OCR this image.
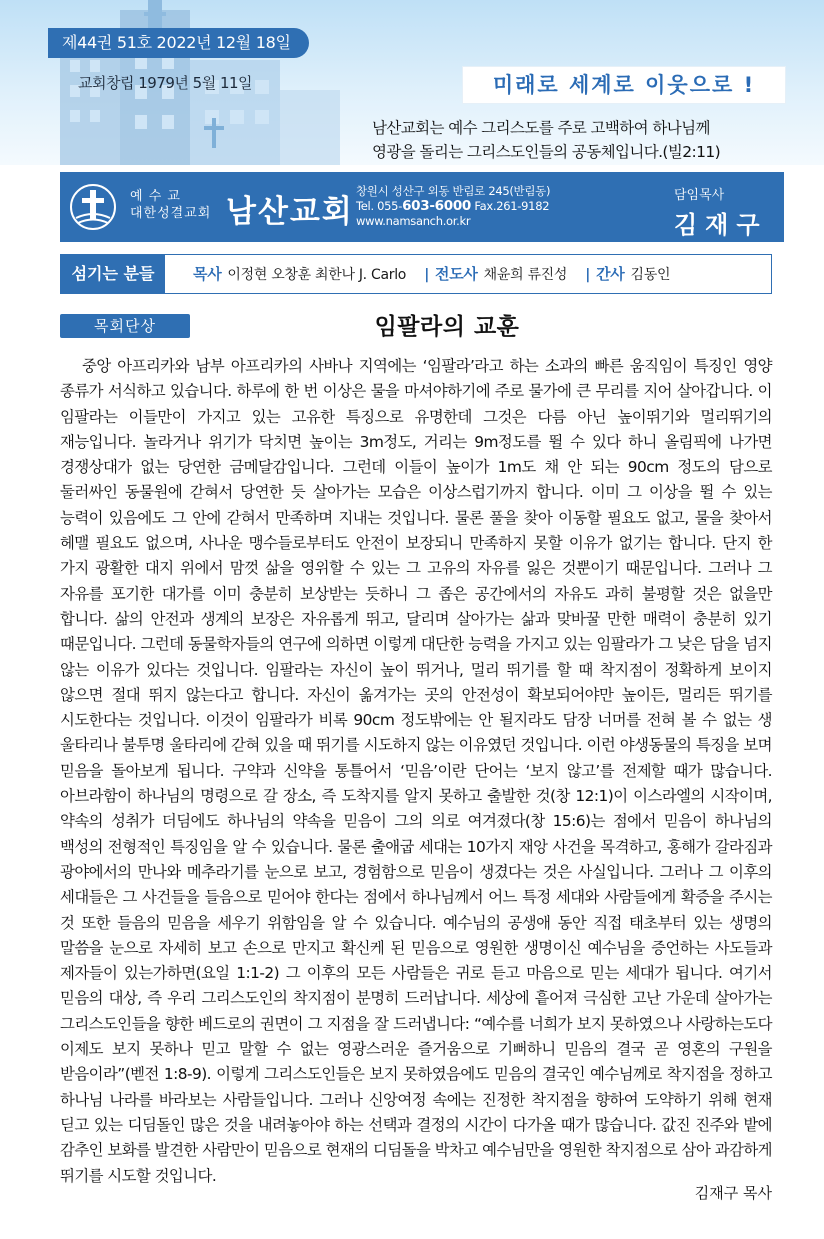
제44권 51호 2022년 12월 18일
교회창립 1979년 5월 11일	미래로 세계로 이웃으로 !
남산교회는 예수 그리스도를 주로 고백하여 하나님께
영광을 돌리는 그리스도인들의 공동체입니다.(빌2:11)
예 수 교
대한성결교회 남산교회
창원시 성산구 외동 반림로 245(반림동)
Tel. 055-603-6000 Fax.261-9182
www.namsanch.or.kr
담임목사
김재구
섬기는 분들	목사 이정현 오창훈 최한나 J. Carlo | 전도사 채윤희 류진성 | 간사 김동인
목회단상	임팔라의 교훈
중앙 아프리카와 남부 아프리카의 사바나 지역에는 ‘임팔라’라고 하는 소과의 빠른 움직임이 특징인 영양 종류가 서식하고 있습니다. 하루에 한 번 이상은 물을 마셔야하기에 주로 물가에 큰 무리를 지어 살아갑니다. 이 임팔라는 이들만이 가지고 있는 고유한 특징으로 유명한데 그것은 다름 아닌 높이뛰기와 멀리뛰기의 재능입니다. 놀라거나 위기가 닥치면 높이는 3m정도, 거리는 9m정도를 뛸 수 있다 하니 올림픽에 나가면 경쟁상대가 없는 당연한 금메달감입니다. 그런데 이들이 높이가 1m도 채 안 되는 90cm 정도의 담으로 둘러싸인 동물원에 갇혀서 당연한 듯 살아가는 모습은 이상스럽기까지 합니다. 이미 그 이상을 뛸 수 있는 능력이 있음에도 그 안에 갇혀서 만족하며 지내는 것입니다. 물론 풀을 찾아 이동할 필요도 없고, 물을 찾아서 헤맬 필요도 없으며, 사나운 맹수들로부터도 안전이 보장되니 만족하지 못할 이유가 없기는 합니다. 단지 한 가지 광활한 대지 위에서 맘껏 삶을 영위할 수 있는 그 고유의 자유를 잃은 것뿐이기 때문입니다. 그러나 그 자유를 포기한 대가를 이미 충분히 보상받는 듯하니 그 좁은 공간에서의 자유도 과히 불평할 것은 없을만 합니다. 삶의 안전과 생계의 보장은 자유롭게 뛰고, 달리며 살아가는 삶과 맞바꿀 만한 매력이 충분히 있기 때문입니다. 그런데 동물학자들의 연구에 의하면 이렇게 대단한 능력을 가지고 있는 임팔라가 그 낮은 담을 넘지 않는 이유가 있다는 것입니다. 임팔라는 자신이 높이 뛰거나, 멀리 뛰기를 할 때 착지점이 정확하게 보이지 않으면 절대 뛰지 않는다고 합니다. 자신이 옮겨가는 곳의 안전성이 확보되어야만 높이든, 멀리든 뛰기를 시도한다는 것입니다. 이것이 임팔라가 비록 90cm 정도밖에는 안 될지라도 담장 너머를 전혀 볼 수 없는 생 울타리나 불투명 울타리에 갇혀 있을 때 뛰기를 시도하지 않는 이유였던 것입니다. 이런 야생동물의 특징을 보며 믿음을 돌아보게 됩니다. 구약과 신약을 통틀어서 ‘믿음’이란 단어는 ‘보지 않고’를 전제할 때가 많습니다. 아브라함이 하나님의 명령으로 갈 장소, 즉 도착지를 알지 못하고 출발한 것(창 12:1)이 이스라엘의 시작이며, 약속의 성취가 더딤에도 하나님의 약속을 믿음이 그의 의로 여겨졌다(창 15:6)는 점에서 믿음이 하나님의 백성의 전형적인 특징임을 알 수 있습니다. 물론 출애굽 세대는 10가지 재앙 사건을 목격하고, 홍해가 갈라짐과 광야에서의 만나와 메추라기를 눈으로 보고, 경험함으로 믿음이 생겼다는 것은 사실입니다. 그러나 그 이후의 세대들은 그 사건들을 들음으로 믿어야 한다는 점에서 하나님께서 어느 특정 세대와 사람들에게 확증을 주시는 것 또한 들음의 믿음을 세우기 위함임을 알 수 있습니다. 예수님의 공생애 동안 직접 태초부터 있는 생명의 말씀을 눈으로 자세히 보고 손으로 만지고 확신케 된 믿음으로 영원한 생명이신 예수님을 증언하는 사도들과 제자들이 있는가하면(요일 1:1-2) 그 이후의 모든 사람들은 귀로 듣고 마음으로 믿는 세대가 됩니다. 여기서 믿음의 대상, 즉 우리 그리스도인의 착지점이 분명히 드러납니다. 세상에 흩어져 극심한 고난 가운데 살아가는 그리스도인들을 향한 베드로의 권면이 그 지점을 잘 드러냅니다: “예수를 너희가 보지 못하였으나 사랑하는도다 이제도 보지 못하나 믿고 말할 수 없는 영광스러운 즐거움으로 기뻐하니 믿음의 결국 곧 영혼의 구원을 받음이라”(벧전 1:8-9). 이렇게 그리스도인들은 보지 못하였음에도 믿음의 결국인 예수님께로 착지점을 정하고 하나님 나라를 바라보는 사람들입니다. 그러나 신앙여정 속에는 진정한 착지점을 향하여 도약하기 위해 현재 딛고 있는 디딤돌인 많은 것을 내려놓아야 하는 선택과 결정의 시간이 다가올 때가 많습니다. 값진 진주와 밭에 감추인 보화를 발견한 사람만이 믿음으로 현재의 디딤돌을 박차고 예수님만을 영원한 착지점으로 삼아 과감하게 뛰기를 시도할 것입니다.
김재구 목사
